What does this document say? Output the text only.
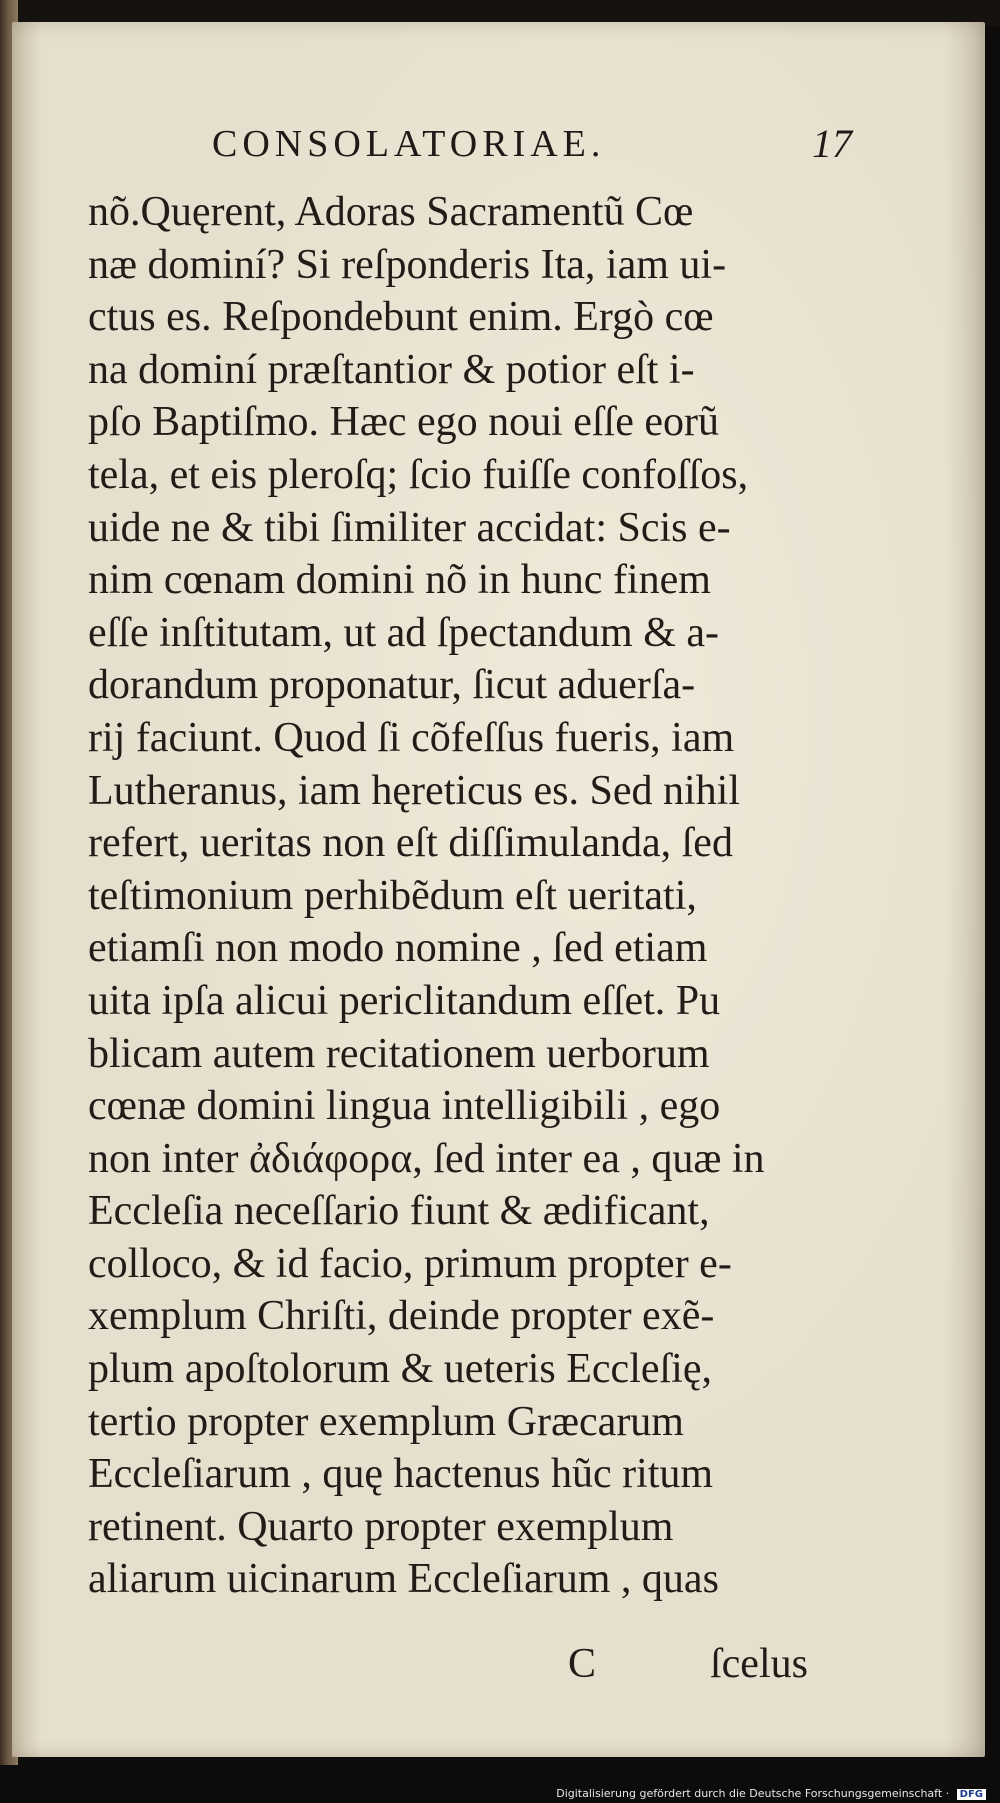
CONSOLATORIAE.	17
nõ.Quęrent, Adoras Sacramentũ Cœ
næ dominí? Si reſponderis Ita, iam ui-
ctus es. Reſpondebunt enim. Ergò cœ
na dominí præſtantior & potior eſt i-
pſo Baptiſmo. Hæc ego noui eſſe eorũ
tela, et eis pleroſq; ſcio fuiſſe confoſſos,
uide ne & tibi ſimiliter accidat: Scis e-
nim cœnam domini nõ in hunc finem
eſſe inſtitutam, ut ad ſpectandum & a-
dorandum proponatur, ſicut aduerſa-
rij faciunt. Quod ſi cõfeſſus fueris, iam
Lutheranus, iam hęreticus es. Sed nihil
refert, ueritas non eſt diſſimulanda, ſed
teſtimonium perhibẽdum eſt ueritati,
etiamſi non modo nomine , ſed etiam
uita ipſa alicui periclitandum eſſet. Pu
blicam autem recitationem uerborum
cœnæ domini lingua intelligibili , ego
non inter ἀδιάφορα, ſed inter ea , quæ in
Eccleſia neceſſario fiunt & ædificant,
colloco, & id facio, primum propter e-
xemplum Chriſti, deinde propter exẽ-
plum apoſtolorum & ueteris Eccleſię,
tertio propter exemplum Græcarum
Eccleſiarum , quę hactenus hũc ritum
retinent. Quarto propter exemplum
aliarum uicinarum Eccleſiarum , quas
C	ſcelus
Digitalisierung gefördert durch die Deutsche Forschungsgemeinschaft · DFG
